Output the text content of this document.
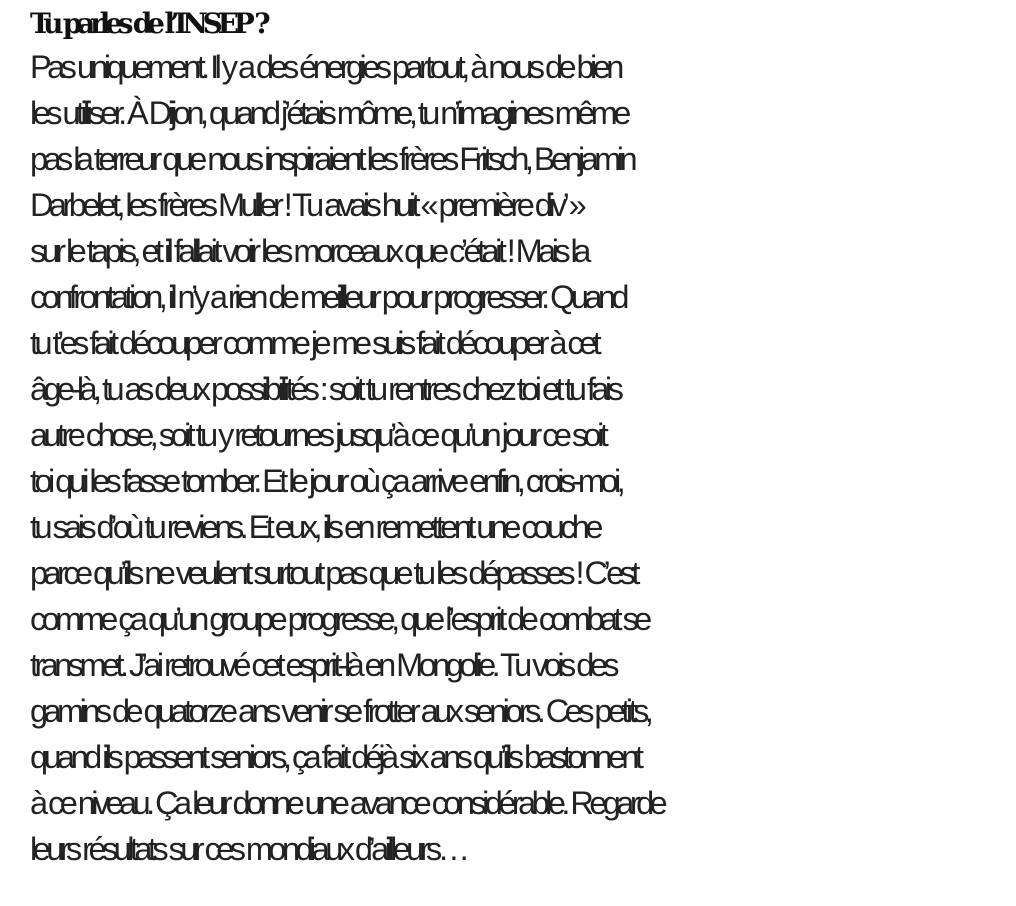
Tu parles de l’INSEP ?
Pas uniquement. Il y a des énergies partout, à nous de bien
les utiliser. À Dijon, quand j’étais môme, tu n’imagines même
pas la terreur que nous inspiraient les frères Fritsch, Benjamin
Darbelet, les frères Muller ! Tu avais huit « première div’ »
sur le tapis, et il fallait voir les morceaux que c’était ! Mais la
confrontation, il n’y a rien de meilleur pour progresser. Quand
tu t’es fait découper comme je me suis fait découper à cet
âge-là, tu as deux possibilités : soit tu rentres chez toi et tu fais
autre chose, soit tu y retournes jusqu’à ce qu’un jour ce soit
toi qui les fasse tomber. Et le jour où ça arrive enfin, crois-moi,
tu sais d’où tu reviens. Et eux, ils en remettent une couche
parce qu’ils ne veulent surtout pas que tu les dépasses ! C’est
comme ça qu’un groupe progresse, que l’esprit de combat se
transmet. J’ai retrouvé cet esprit-là en Mongolie. Tu vois des
gamins de quatorze ans venir se frotter aux seniors. Ces petits,
quand ils passent seniors, ça fait déjà six ans qu’ils bastonnent
à ce niveau. Ça leur donne une avance considérable. Regarde
leurs résultats sur ces mondiaux d’ailleurs…
